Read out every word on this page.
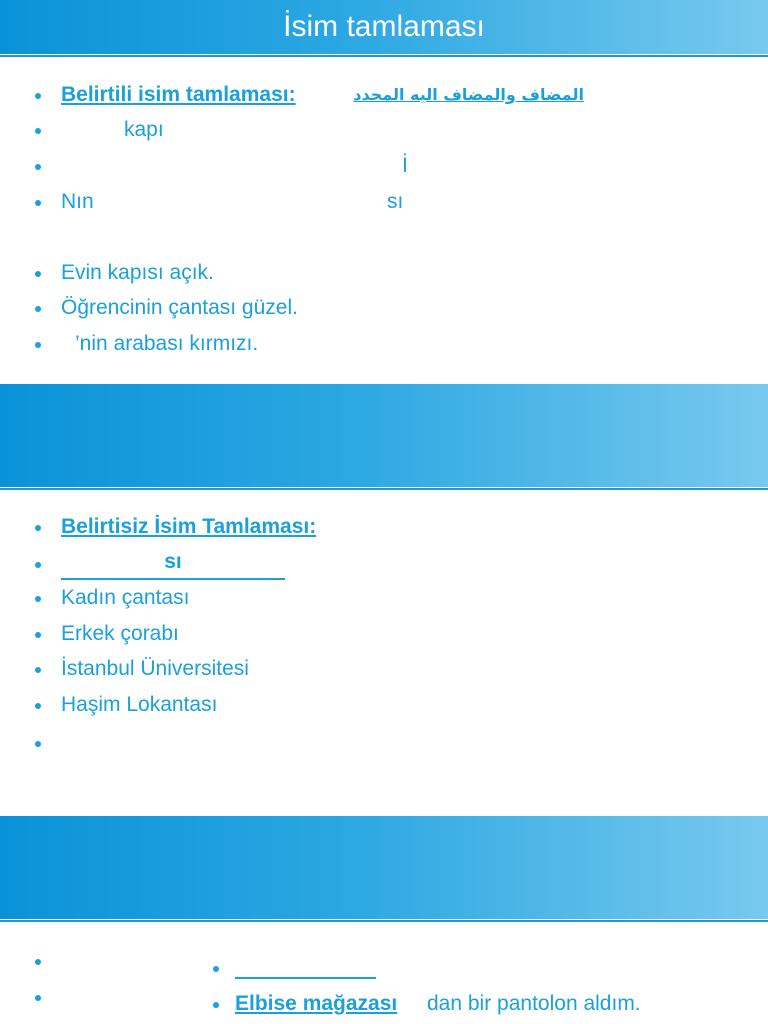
İsim tamlaması
Belirtili isim tamlaması:	المضاف والمضاف اليه المحدد
kapı
İ
Nın	sı
Evin kapısı açık.
Öğrencinin çantası güzel.
’nin arabası kırmızı.
Belirtisiz İsim Tamlaması:
sı
Kadın çantası
Erkek çorabı
İstanbul Üniversitesi
Haşim Lokantası
Elbise mağazası dan bir pantolon aldım.
